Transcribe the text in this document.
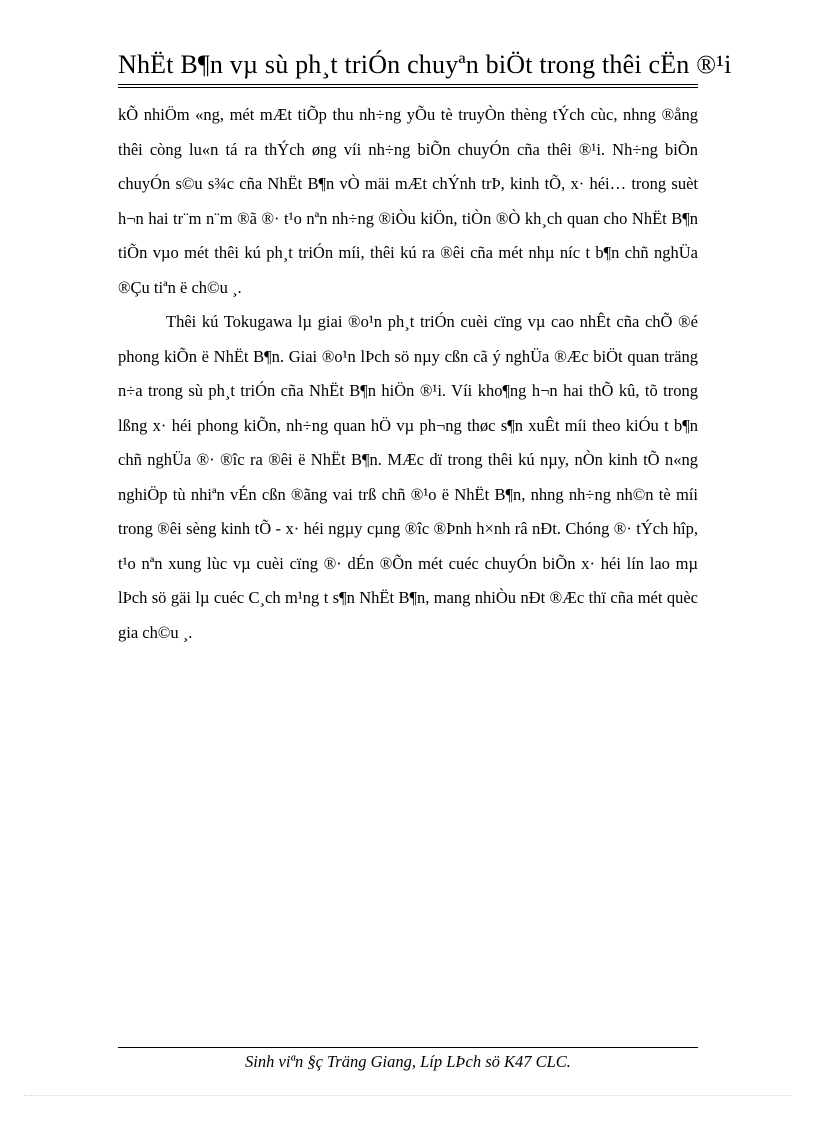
NhËt B¶n vµ sù ph¸t triÓn chuyªn biÖt trong thêi cËn ®¹i

kÕ nhiÖm «ng, mét mÆt tiÕp thu nh÷ng yÕu tè truyÒn thèng tÝch cùc, nhng ®ång thêi còng lu«n tá ra thÝch øng víi nh÷ng biÕn chuyÓn cña thêi ®¹i. Nh÷ng biÕn chuyÓn s©u s¾c cña NhËt B¶n vÒ mäi mÆt chÝnh trÞ, kinh tÕ, x· héi… trong suèt h¬n hai tr¨m n¨m ®ã ®· t¹o nªn nh÷ng ®iÒu kiÖn, tiÒn ®Ò kh¸ch quan cho NhËt B¶n tiÕn vµo mét thêi kú ph¸t triÓn míi, thêi kú ra ®êi cña mét nhµ níc t b¶n chñ nghÜa ®Çu tiªn ë ch©u ¸.

Thêi kú Tokugawa lµ giai ®o¹n ph¸t triÓn cuèi cïng vµ cao nhÊt cña chÕ ®é phong kiÕn ë NhËt B¶n. Giai ®o¹n lÞch sö nµy cßn cã ý nghÜa ®Æc biÖt quan träng n÷a trong sù ph¸t triÓn cña NhËt B¶n hiÖn ®¹i. Víi kho¶ng h¬n hai thÕ kû, tõ trong lßng x· héi phong kiÕn, nh÷ng quan hÖ vµ ph¬ng thøc s¶n xuÊt míi theo kiÓu t b¶n chñ nghÜa ®· ®îc ra ®êi ë NhËt B¶n. MÆc dï trong thêi kú nµy, nÒn kinh tÕ n«ng nghiÖp tù nhiªn vÉn cßn ®ãng vai trß chñ ®¹o ë NhËt B¶n, nhng nh÷ng nh©n tè míi trong ®êi sèng kinh tÕ - x· héi ngµy cµng ®îc ®Þnh h×nh râ nÐt. Chóng ®· tÝch hîp, t¹o nªn xung lùc vµ cuèi cïng ®· dÉn ®Õn mét cuéc chuyÓn biÕn x· héi lín lao mµ lÞch sö gäi lµ cuéc C¸ch m¹ng t s¶n NhËt B¶n, mang nhiÒu nÐt ®Æc thï cña mét quèc gia ch©u ¸.

Sinh viªn §ç Träng Giang, Líp LÞch sö K47 CLC.
